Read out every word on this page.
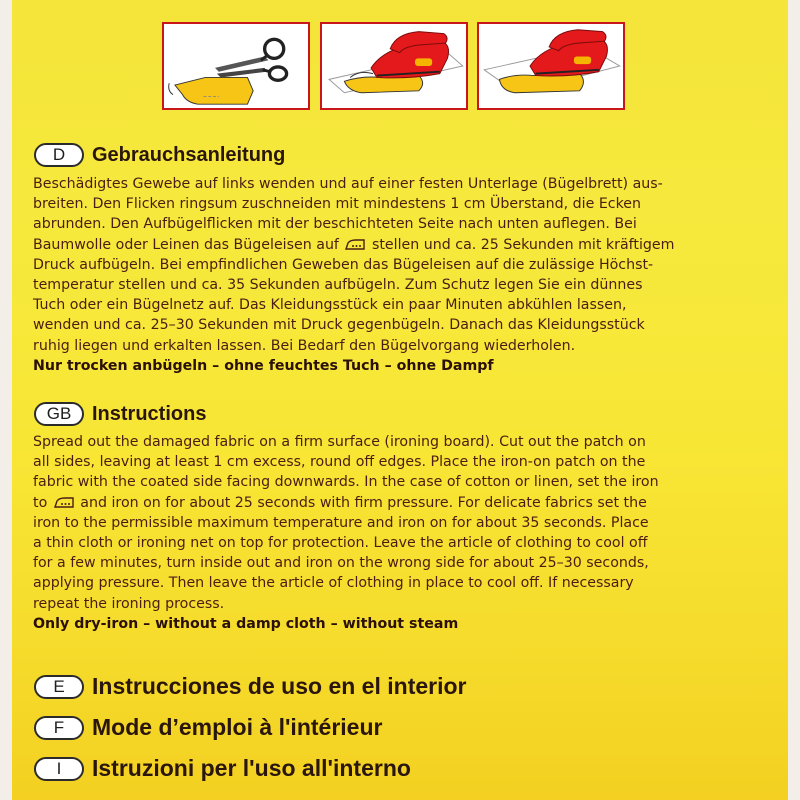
D	Gebrauchsanleitung
Beschädigtes Gewebe auf links wenden und auf einer festen Unterlage (Bügelbrett) aus-
breiten. Den Flicken ringsum zuschneiden mit mindestens 1 cm Überstand, die Ecken
abrunden. Den Aufbügelflicken mit der beschichteten Seite nach unten auflegen. Bei
Baumwolle oder Leinen das Bügeleisen auf stellen und ca. 25 Sekunden mit kräftigem
Druck aufbügeln. Bei empfindlichen Geweben das Bügeleisen auf die zulässige Höchst-
temperatur stellen und ca. 35 Sekunden aufbügeln. Zum Schutz legen Sie ein dünnes
Tuch oder ein Bügelnetz auf. Das Kleidungsstück ein paar Minuten abkühlen lassen,
wenden und ca. 25–30 Sekunden mit Druck gegenbügeln. Danach das Kleidungsstück
ruhig liegen und erkalten lassen. Bei Bedarf den Bügelvorgang wiederholen.
Nur trocken anbügeln – ohne feuchtes Tuch – ohne Dampf
GB	Instructions
Spread out the damaged fabric on a firm surface (ironing board). Cut out the patch on
all sides, leaving at least 1 cm excess, round off edges. Place the iron-on patch on the
fabric with the coated side facing downwards. In the case of cotton or linen, set the iron
to and iron on for about 25 seconds with firm pressure. For delicate fabrics set the
iron to the permissible maximum temperature and iron on for about 35 seconds. Place
a thin cloth or ironing net on top for protection. Leave the article of clothing to cool off
for a few minutes, turn inside out and iron on the wrong side for about 25–30 seconds,
applying pressure. Then leave the article of clothing in place to cool off. If necessary
repeat the ironing process.
Only dry-iron – without a damp cloth – without steam
E	Instrucciones de uso en el interior
F	Mode d’emploi à l'intérieur
I	Istruzioni per l'uso all'interno
